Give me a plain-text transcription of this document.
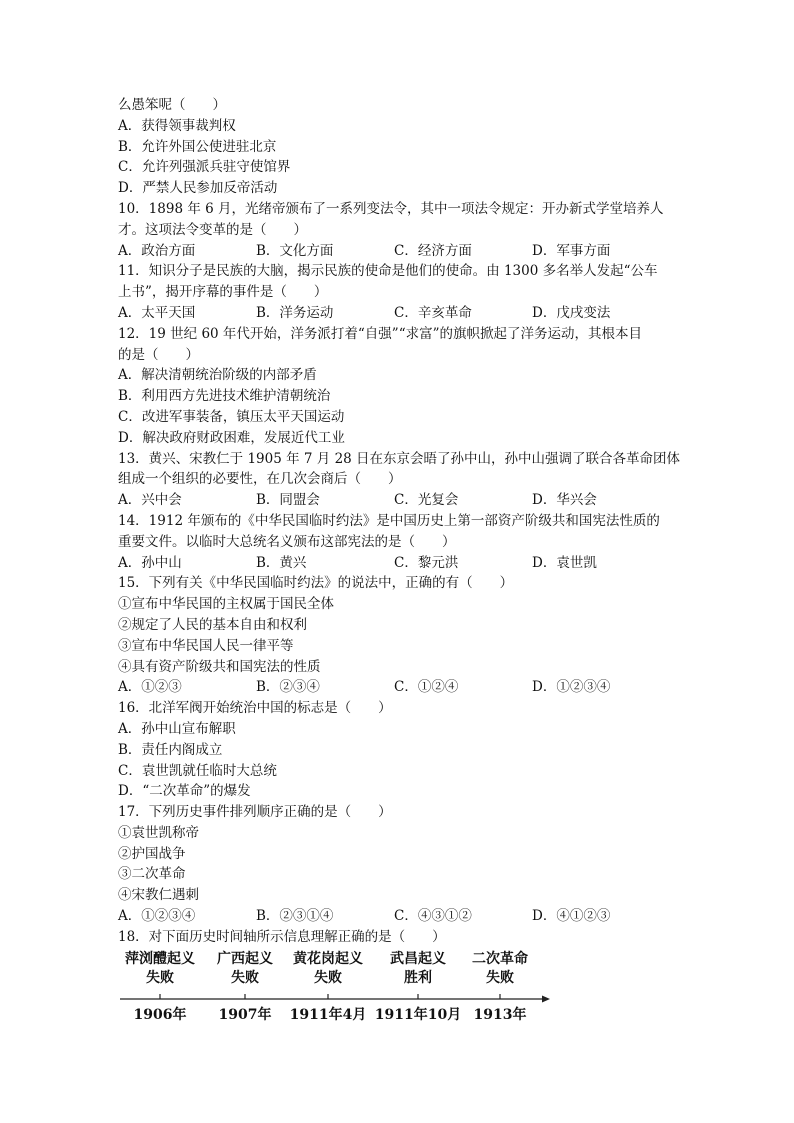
么愚笨呢（　　）
A．获得领事裁判权
B．允许外国公使进驻北京
C．允许列强派兵驻守使馆界
D．严禁人民参加反帝活动
10．1898 年 6 月，光绪帝颁布了一系列变法令，其中一项法令规定：开办新式学堂培养人
才。这项法令变革的是（　　）
A．政治方面	B．文化方面	C．经济方面	D．军事方面
11．知识分子是民族的大脑，揭示民族的使命是他们的使命。由 1300 多名举人发起“公车
上书”，揭开序幕的事件是（　　）
A．太平天国	B．洋务运动	C．辛亥革命	D．戊戌变法
12．19 世纪 60 年代开始，洋务派打着“自强”“求富”的旗帜掀起了洋务运动，其根本目
的是（　　）
A．解决清朝统治阶级的内部矛盾
B．利用西方先进技术维护清朝统治
C．改进军事装备，镇压太平天国运动
D．解决政府财政困难，发展近代工业
13．黄兴、宋教仁于 1905 年 7 月 28 日在东京会晤了孙中山，孙中山强调了联合各革命团体
组成一个组织的必要性，在几次会商后（　　）
A．兴中会	B．同盟会	C．光复会	D．华兴会
14．1912 年颁布的《中华民国临时约法》是中国历史上第一部资产阶级共和国宪法性质的
重要文件。以临时大总统名义颁布这部宪法的是（　　）
A．孙中山	B．黄兴	C．黎元洪	D．袁世凯
15．下列有关《中华民国临时约法》的说法中，正确的有（　　）
①宣布中华民国的主权属于国民全体
②规定了人民的基本自由和权利
③宣布中华民国人民一律平等
④具有资产阶级共和国宪法的性质
A．①②③	B．②③④	C．①②④	D．①②③④
16．北洋军阀开始统治中国的标志是（　　）
A．孙中山宣布解职
B．责任内阁成立
C．袁世凯就任临时大总统
D．“二次革命”的爆发
17．下列历史事件排列顺序正确的是（　　）
①袁世凯称帝
②护国战争
③二次革命
④宋教仁遇刺
A．①②③④	B．②③①④	C．④③①②	D．④①②③
18．对下面历史时间轴所示信息理解正确的是（　　）
萍浏醴起义
失败
广西起义
失败
黄花岗起义
失败
武昌起义
胜利
二次革命
失败
1906年	1907年	1911年4月 1911年10月 1913年
